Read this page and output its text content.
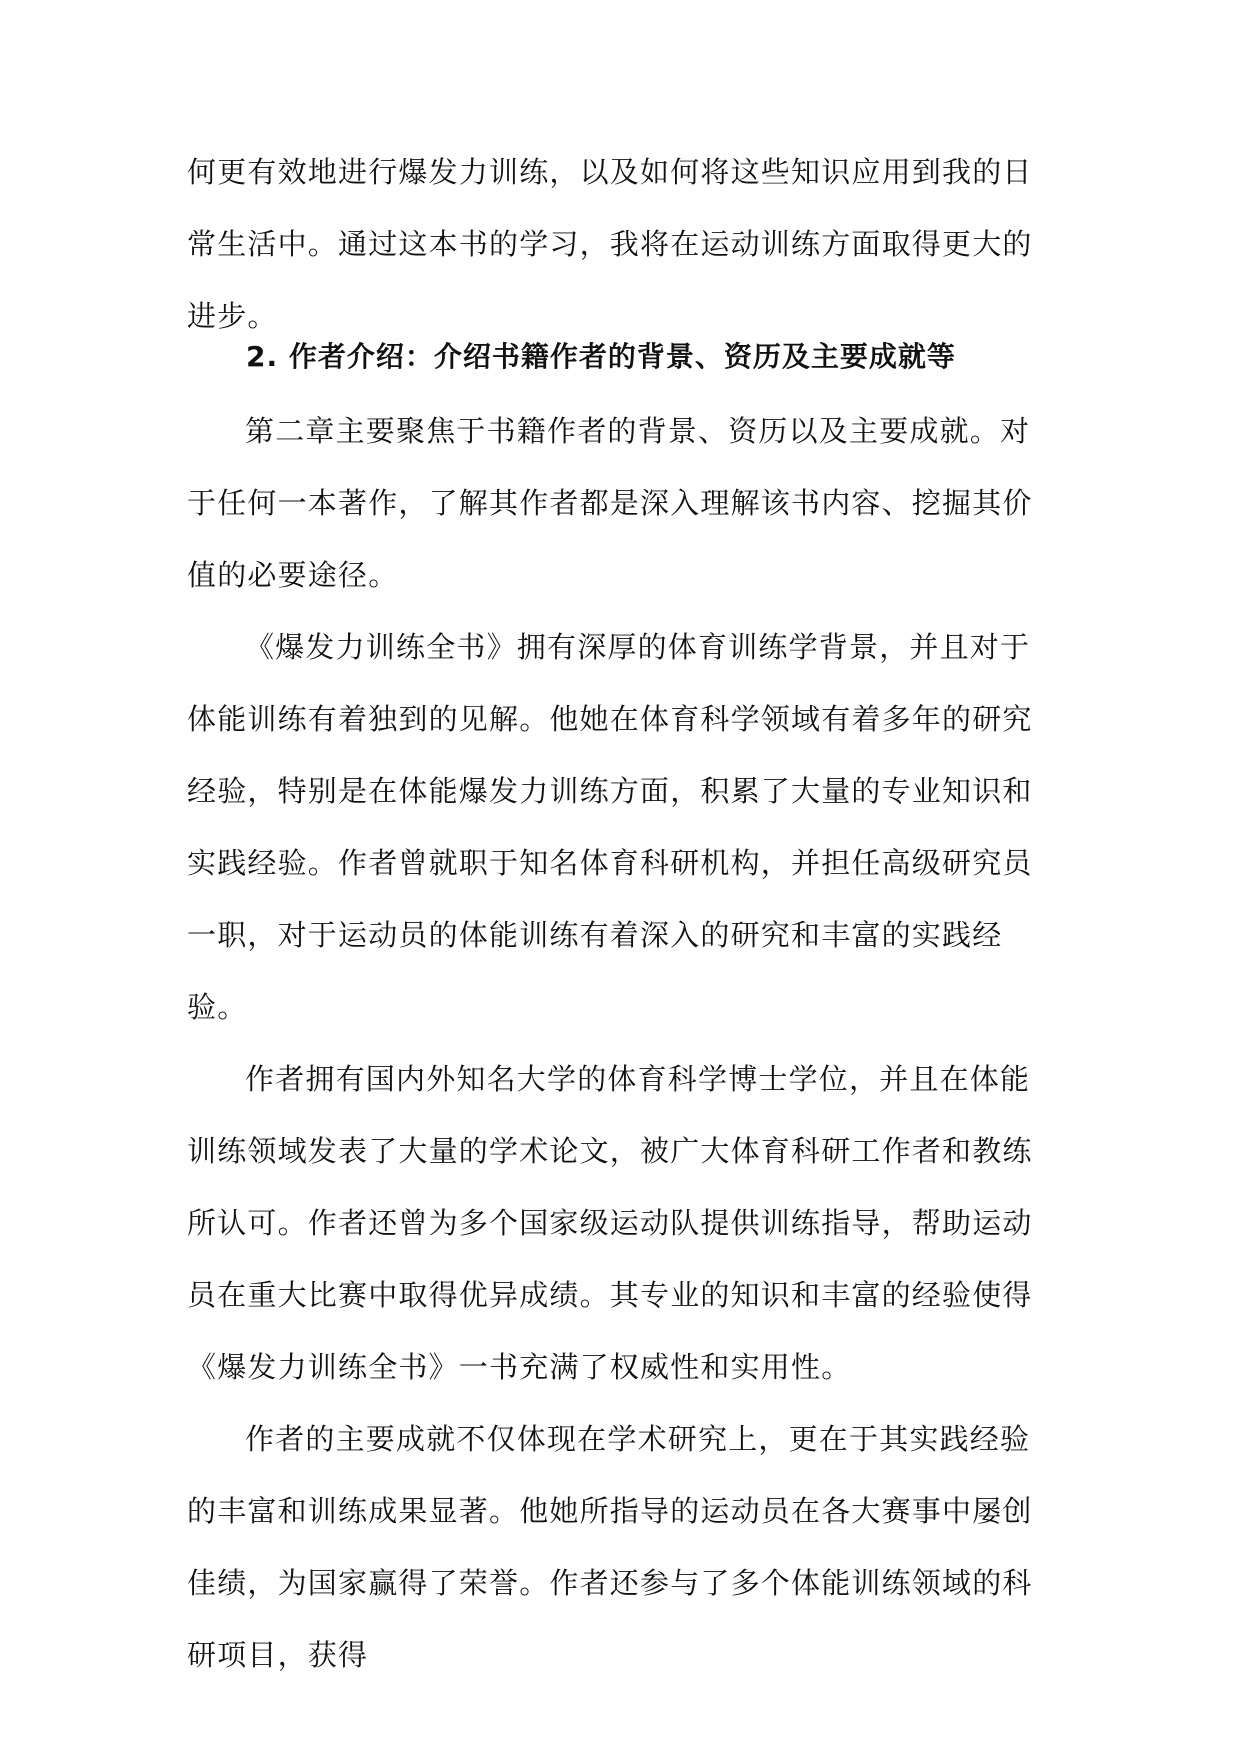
何更有效地进行爆发力训练，以及如何将这些知识应用到我的日常生活中。通过这本书的学习，我将在运动训练方面取得更大的进步。

2. 作者介绍：介绍书籍作者的背景、资历及主要成就等

第二章主要聚焦于书籍作者的背景、资历以及主要成就。对于任何一本著作，了解其作者都是深入理解该书内容、挖掘其价值的必要途径。

《爆发力训练全书》拥有深厚的体育训练学背景，并且对于体能训练有着独到的见解。他她在体育科学领域有着多年的研究经验，特别是在体能爆发力训练方面，积累了大量的专业知识和实践经验。作者曾就职于知名体育科研机构，并担任高级研究员一职，对于运动员的体能训练有着深入的研究和丰富的实践经验。

作者拥有国内外知名大学的体育科学博士学位，并且在体能训练领域发表了大量的学术论文，被广大体育科研工作者和教练所认可。作者还曾为多个国家级运动队提供训练指导，帮助运动员在重大比赛中取得优异成绩。其专业的知识和丰富的经验使得《爆发力训练全书》一书充满了权威性和实用性。

作者的主要成就不仅体现在学术研究上，更在于其实践经验的丰富和训练成果显著。他她所指导的运动员在各大赛事中屡创佳绩，为国家赢得了荣誉。作者还参与了多个体能训练领域的科研项目，获得
